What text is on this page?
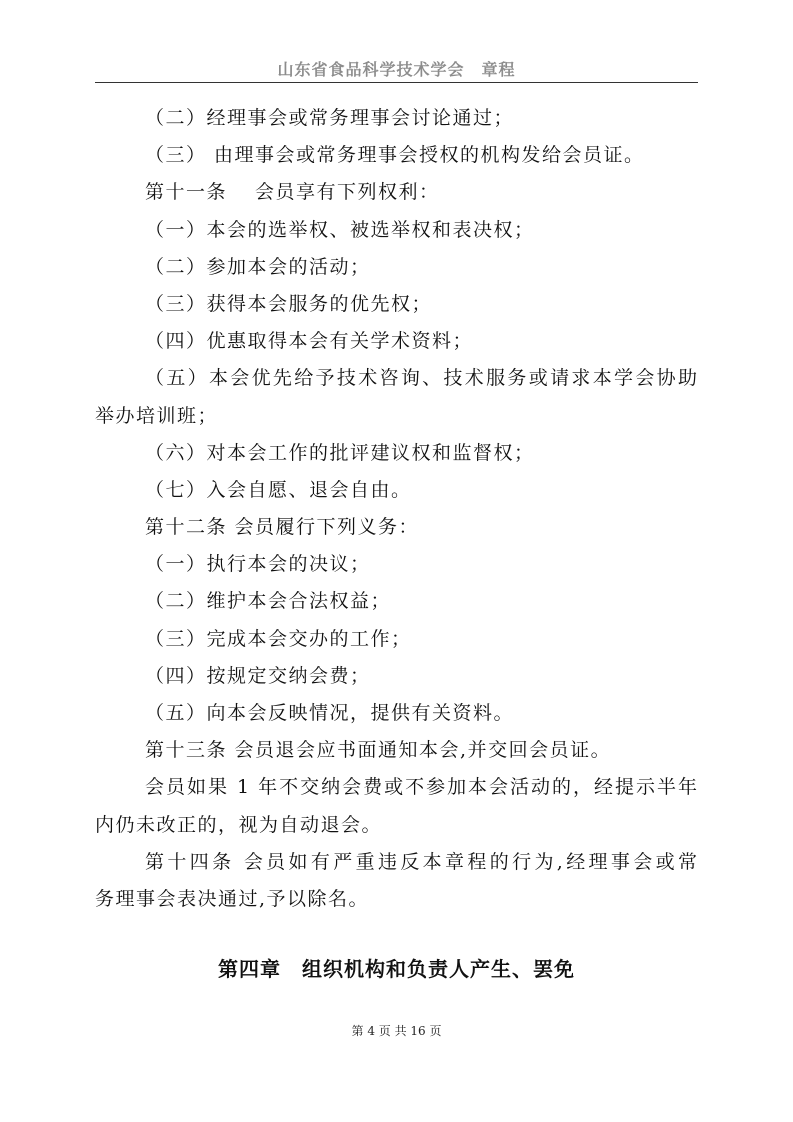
山东省食品科学技术学会　章程
（二）经理事会或常务理事会讨论通过；
（三） 由理事会或常务理事会授权的机构发给会员证。
第十一条　 会员享有下列权利：
（一）本会的选举权、被选举权和表决权；
（二）参加本会的活动；
（三）获得本会服务的优先权；
（四）优惠取得本会有关学术资料；
（五）本会优先给予技术咨询、技术服务或请求本学会协助
举办培训班；
（六）对本会工作的批评建议权和监督权；
（七）入会自愿、退会自由。
第十二条 会员履行下列义务：
（一）执行本会的决议；
（二）维护本会合法权益；
（三）完成本会交办的工作；
（四）按规定交纳会费；
（五）向本会反映情况，提供有关资料。
第十三条 会员退会应书面通知本会,并交回会员证。
会员如果 1 年不交纳会费或不参加本会活动的，经提示半年
内仍未改正的，视为自动退会。
第十四条 会员如有严重违反本章程的行为,经理事会或常
务理事会表决通过,予以除名。
第四章　组织机构和负责人产生、罢免
第 4 页 共 16 页
